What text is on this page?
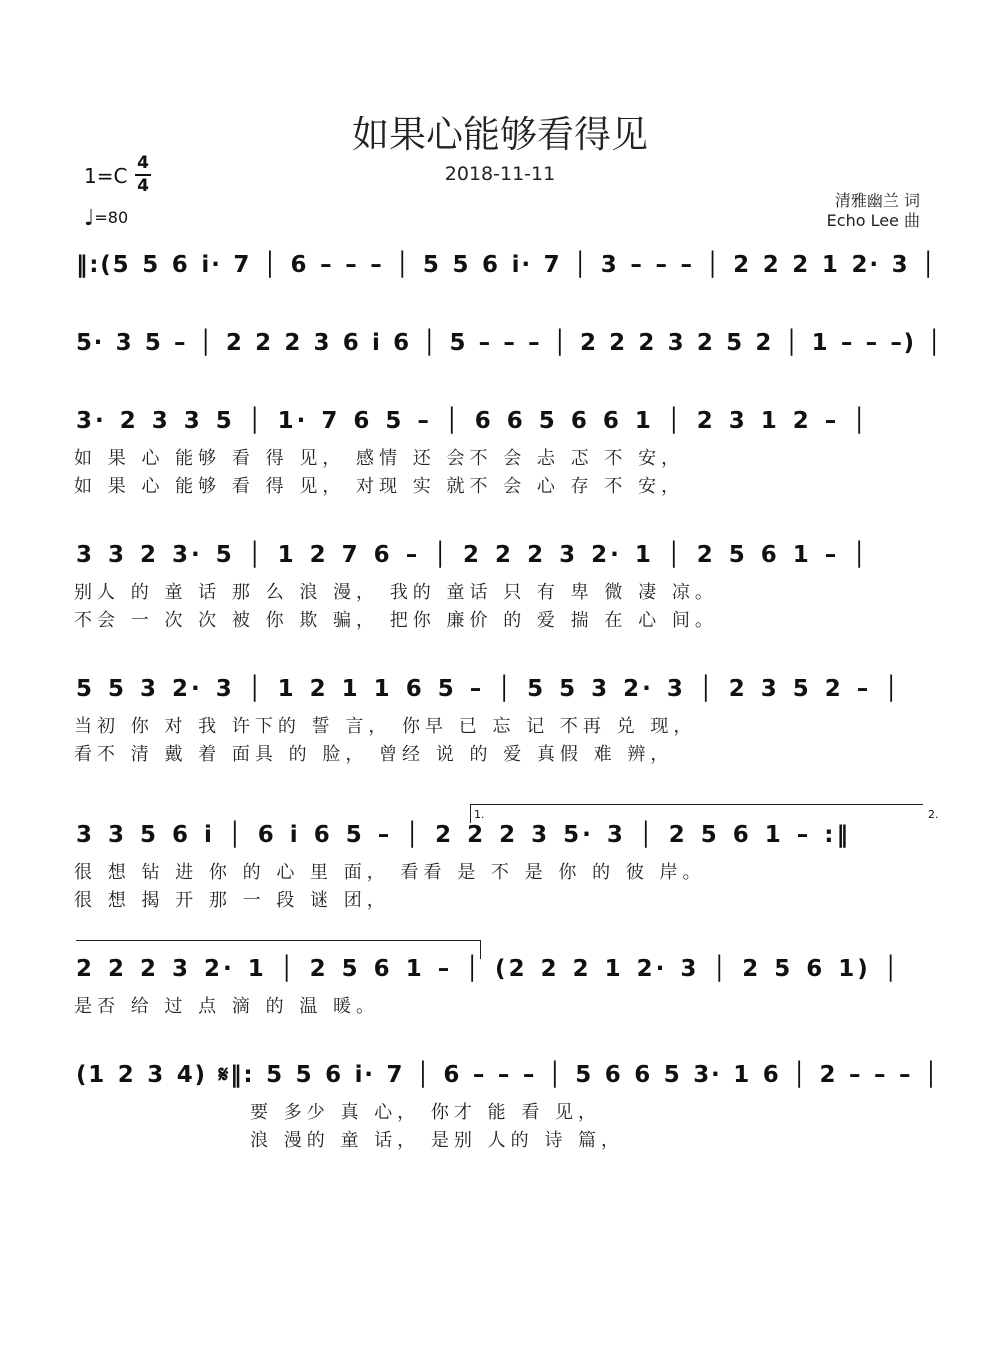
如果心能够看得见
2018-11-11
1=C
4
4
♩=80
清雅幽兰 词
Echo Lee 曲
‖:(5 5 6 i· 7 │ 6 – – – │ 5 5 6 i· 7 │ 3 – – – │ 2 2 2 1 2· 3 │
5· 3 5 – │ 2 2 2 3 6 i 6 │ 5 – – – │ 2 2 2 3 2 5 2 │ 1 – – –) │
3· 2 3 3 5 │ 1· 7 6 5 – │ 6 6 5 6 6 1 │ 2 3 1 2 – │
如 果 心 能够 看 得 见， 感情 还 会不 会 忐 忑 不 安，
如 果 心 能够 看 得 见， 对现 实 就不 会 心 存 不 安，
3 3 2 3· 5 │ 1 2 7 6 – │ 2 2 2 3 2· 1 │ 2 5 6 1 – │
别人 的 童 话 那 么 浪 漫， 我的 童话 只 有 卑 微 凄 凉。
不会 一 次 次 被 你 欺 骗， 把你 廉价 的 爱 揣 在 心 间。
5 5 3 2· 3 │ 1 2 1 1 6 5 – │ 5 5 3 2· 3 │ 2 3 5 2 – │
当初 你 对 我 许下的 誓 言， 你早 已 忘 记 不再 兑 现，
看不 清 戴 着 面具 的 脸， 曾经 说 的 爱 真假 难 辨，
1.	2.
3 3 5 6 i │ 6 i 6 5 – │ 2 2 2 3 5· 3 │ 2 5 6 1 – :‖
很 想 钻 进 你 的 心 里 面， 看看 是 不 是 你 的 彼 岸。
很 想 揭 开 那 一 段 谜 团，
2 2 2 3 2· 1 │ 2 5 6 1 – │ (2 2 2 1 2· 3 │ 2 5 6 1) │
是否 给 过 点 滴 的 温 暖。
(1 2 3 4) 𝄋‖: 5 5 6 i· 7 │ 6 – – – │ 5 6 6 5 3· 1 6 │ 2 – – – │
要 多少 真 心， 你才 能 看 见，
浪 漫的 童 话， 是别 人的 诗 篇，
